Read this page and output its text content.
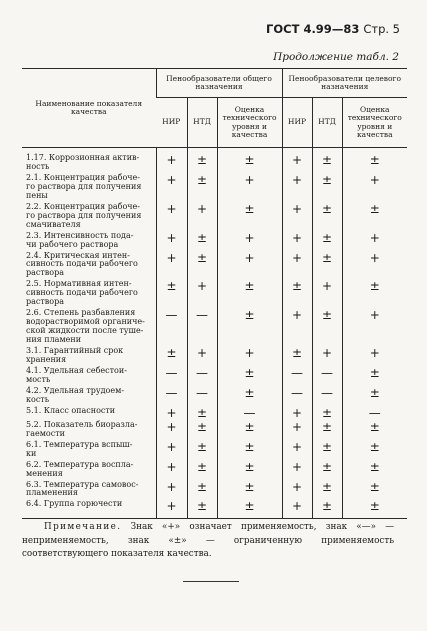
ГОСТ 4.99—83 Стр. 5
Продолжение табл. 2
Наименование показателя качества	Пенообразователи общего назначения			Пенообразователи целевого назначения		
	НИР	НТД	Оценка технического уровня и качества	НИР	НТД	Оценка технического уровня и качества
1.17. Коррозионная актив-
ность	+	±	±	+	±	±
2.1. Концентрация рабоче-
го раствора для получения
пены	+	±	+	+	±	+
2.2. Концентрация рабоче-
го раствора для получения
смачивателя	+	+	±	+	±	±
2.3. Интенсивность пода-
чи рабочего раствора	+	±	+	+	±	+
2.4. Критическая интен-
сивность подачи рабочего
раствора	+	±	+	+	±	+
2.5. Нормативная интен-
сивность подачи рабочего
раствора	±	+	±	±	+	±
2.6. Степень разбавления
водорастворимой органиче-
ской жидкости после туше-
ния пламени	—	—	±	+	±	+
3.1. Гарантийный срок
хранения	±	+	+	±	+	+
4.1. Удельная себестои-
мость	—	—	±	—	—	±
4.2. Удельная трудоем-
кость	—	—	±	—	—	±
5.1. Класс опасности	+	±	—	+	±	—
5.2. Показатель биоразла-
гаемости	+	±	±	+	±	±
6.1. Температура вспыш-
ки	+	±	±	+	±	±
6.2. Температура воспла-
менения	+	±	±	+	±	±
6.3. Температура самовос-
пламенения	+	±	±	+	±	±
6.4. Группа горючести	+	±	±	+	±	±
Примечание. Знак «+» означает применяемость, знак «—» — неприменяемость, знак «±» — ограниченную применяемость соответствующего показателя качества.
